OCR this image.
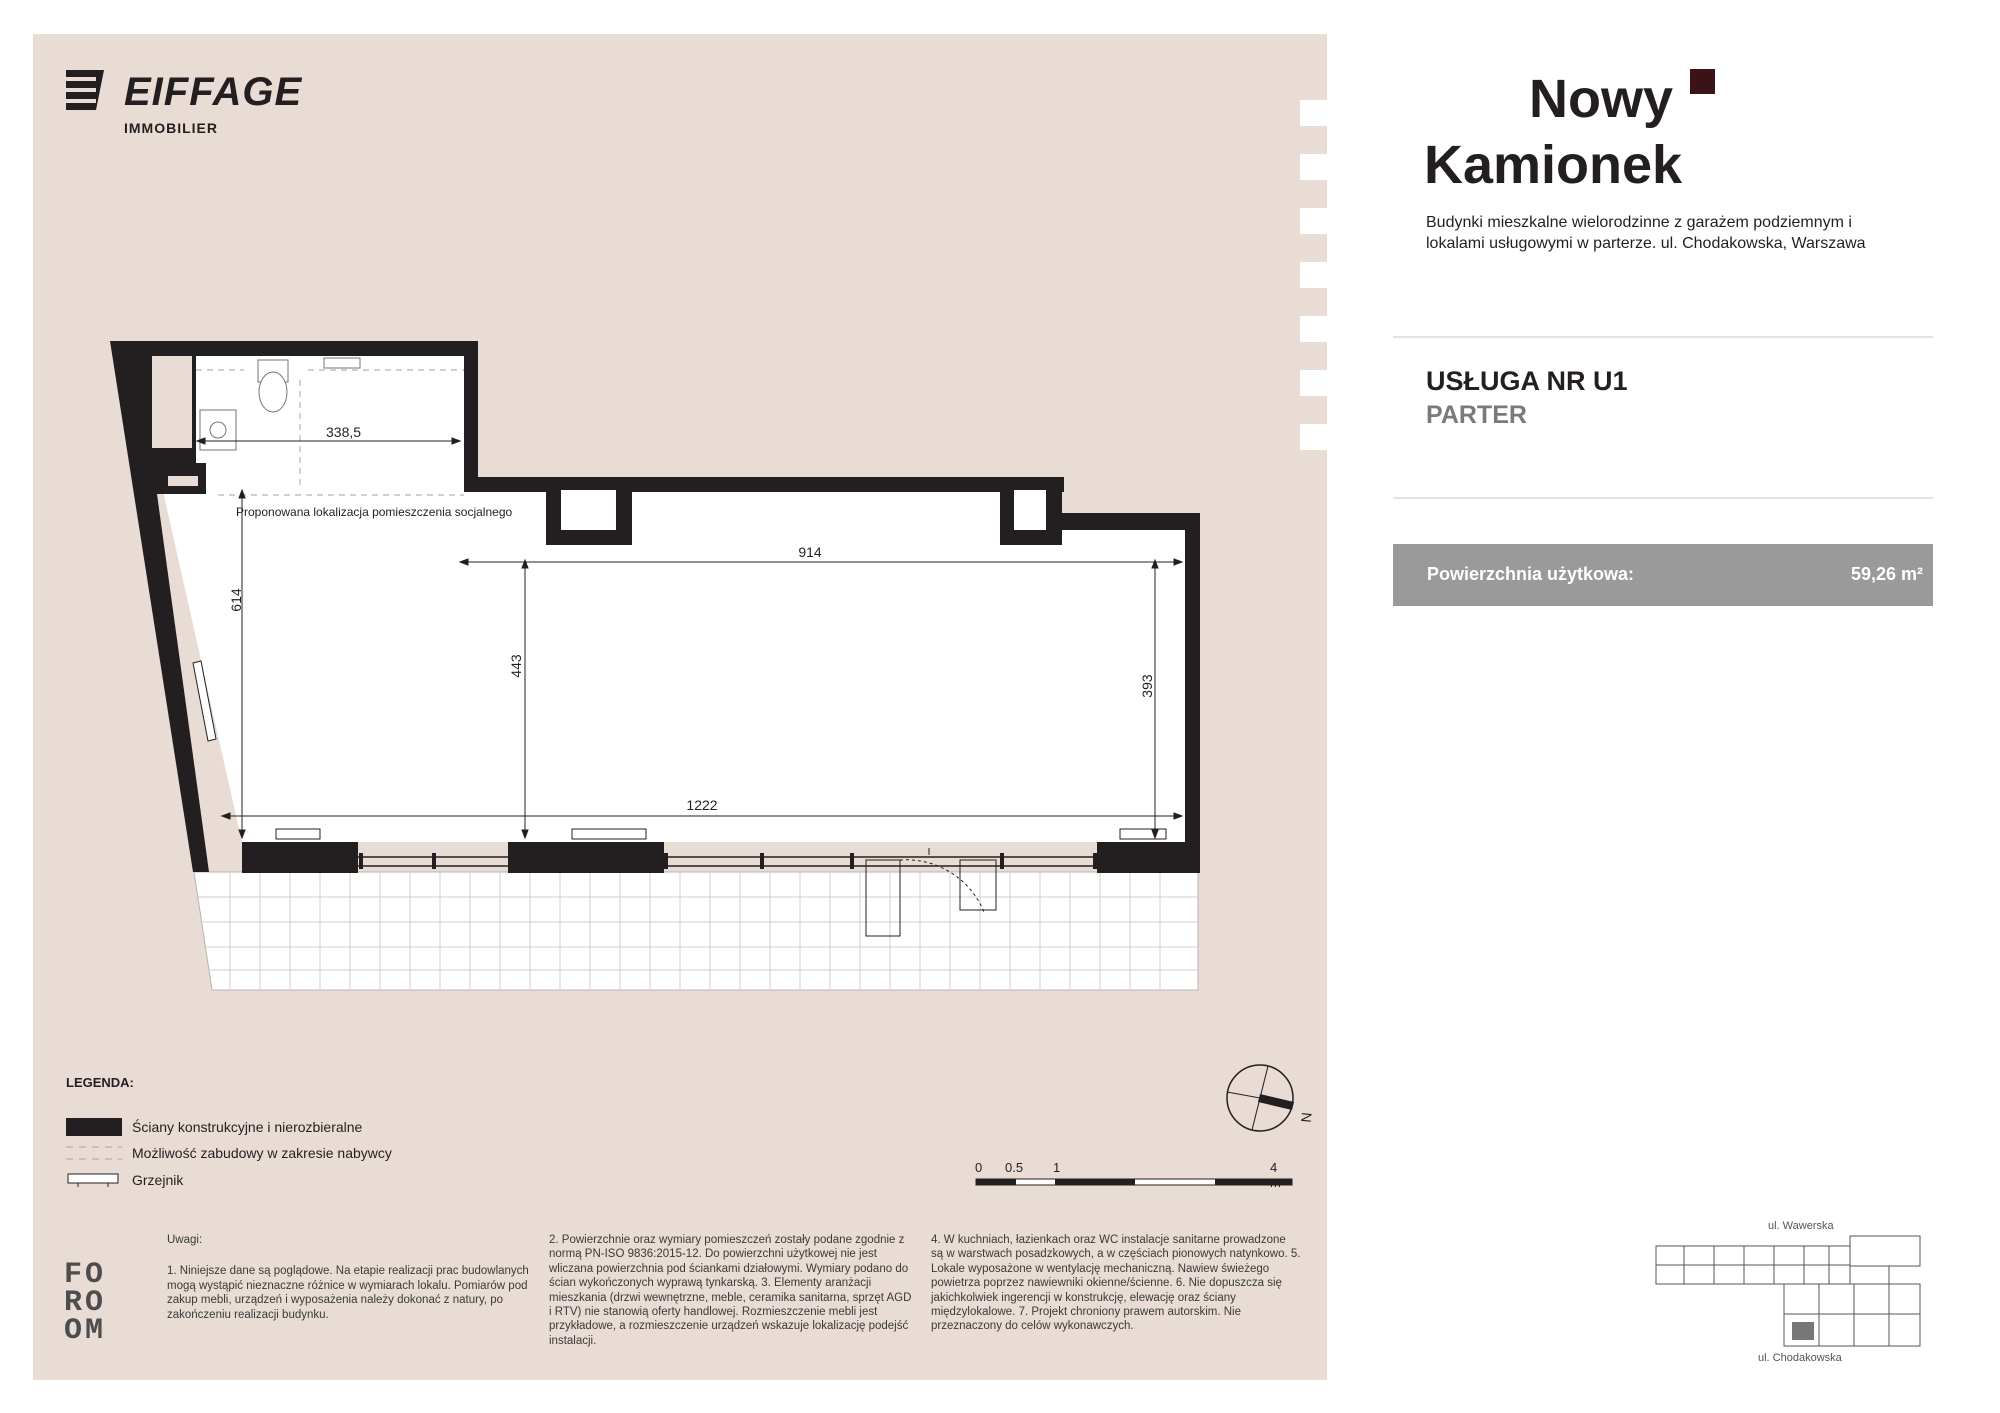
EIFFAGE
IMMOBILIER	Nowy
Kamionek
Budynki mieszkalne wielorodzinne z garażem podziemnym i lokalami usługowymi w parterze. ul. Chodakowska, Warszawa
USŁUGA NR U1
PARTER
Powierzchnia użytkowa:	59,26 m²
338,5
914
1222
614
443
393
Proponowana lokalizacja pomieszczenia socjalnego
N
LEGENDA:
Ściany konstrukcyjne i nierozbieralne
Możliwość zabudowy w zakresie nabywcy
Grzejnik
0 0.5 1	4
Uwagi:
1. Niniejsze dane są poglądowe. Na etapie realizacji prac budowlanych mogą wystąpić nieznaczne różnice w wymiarach lokalu. Pomiarów pod zakup mebli, urządzeń i wyposażenia należy dokonać z natury, po zakończeniu realizacji budynku.
2. Powierzchnie oraz wymiary pomieszczeń zostały podane zgodnie z normą PN-ISO 9836:2015-12. Do powierzchni użytkowej nie jest wliczana powierzchnia pod ściankami działowymi. Wymiary podano do ścian wykończonych wyprawą tynkarską. 3. Elementy aranżacji mieszkania (drzwi wewnętrzne, meble, ceramika sanitarna, sprzęt AGD i RTV) nie stanowią oferty handlowej. Rozmieszczenie mebli jest przykładowe, a rozmieszczenie urządzeń wskazuje lokalizację podejść instalacji.
4. W kuchniach, łazienkach oraz WC instalacje sanitarne prowadzone są w warstwach posadzkowych, a w częściach pionowych natynkowo. 5. Lokale wyposażone w wentylację mechaniczną. Nawiew świeżego powietrza poprzez nawiewniki okienne/ścienne. 6. Nie dopuszcza się jakichkolwiek ingerencji w konstrukcję, elewację oraz ściany międzylokalowe. 7. Projekt chroniony prawem autorskim. Nie przeznaczony do celów wykonawczych.
FO
RO
OM
ul. Wawerska
ul. Chodakowska
